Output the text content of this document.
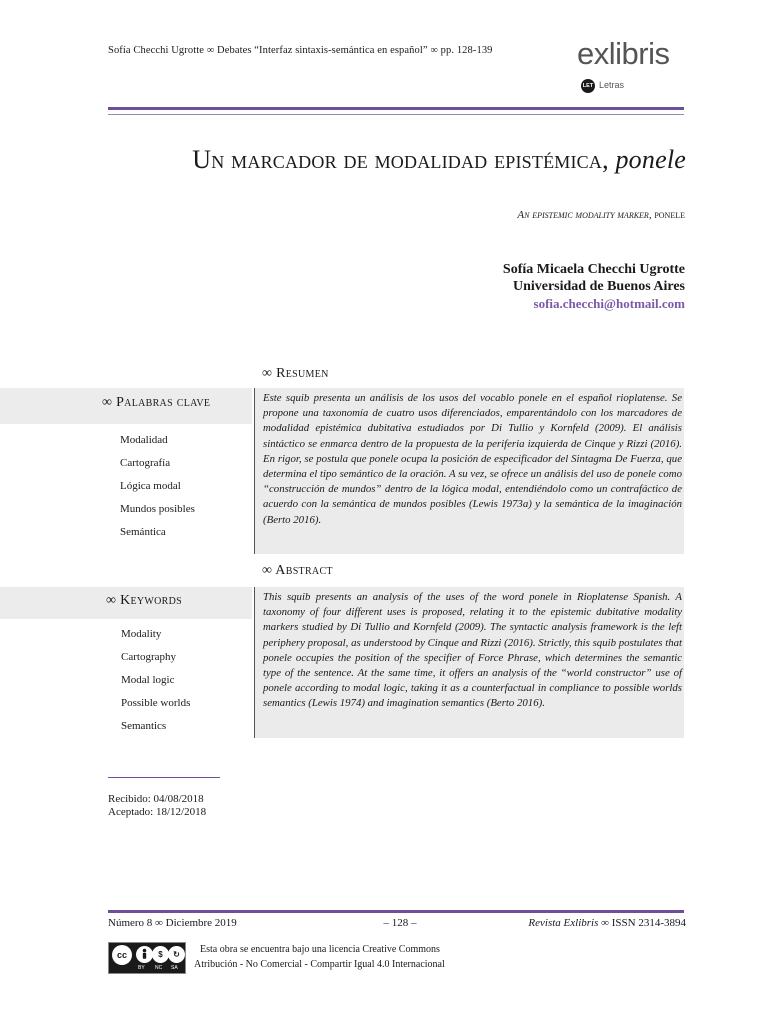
Sofía Checchi Ugrotte ∞ Debates “Interfaz sintaxis-semántica en español” ∞ pp. 128-139	exlibris
LET Letras
Un marcador de modalidad epistémica, ponele
An epistemic modality marker, ponele
Sofía Micaela Checchi Ugrotte
Universidad de Buenos Aires
sofia.checchi@hotmail.com
∞ Resumen
∞ Palabras clave
Modalidad
Cartografía
Lógica modal
Mundos posibles
Semántica
Este squib presenta un análisis de los usos del vocablo ponele en el español rioplatense. Se propone una taxonomía de cuatro usos diferenciados, emparentándolo con los marcadores de modalidad epistémica dubitativa estudiados por Di Tullio y Kornfeld (2009). El análisis sintáctico se enmarca dentro de la propuesta de la periferia izquierda de Cinque y Rizzi (2016). En rigor, se postula que ponele ocupa la posición de especificador del Sintagma De Fuerza, que determina el tipo semántico de la oración. A su vez, se ofrece un análisis del uso de ponele como “construcción de mundos” dentro de la lógica modal, entendiéndolo como un contrafáctico de acuerdo con la semántica de mundos posibles (Lewis 1973a) y la semántica de la imaginación (Berto 2016).
∞ Abstract
∞ Keywords
Modality
Cartography
Modal logic
Possible worlds
Semantics
This squib presents an analysis of the uses of the word ponele in Rioplatense Spanish. A taxonomy of four different uses is proposed, relating it to the epistemic dubitative modality markers studied by Di Tullio and Kornfeld (2009). The syntactic analysis framework is the left periphery proposal, as understood by Cinque and Rizzi (2016). Strictly, this squib postulates that ponele occupies the position of the specifier of Force Phrase, which determines the semantic type of the sentence. At the same time, it offers an analysis of the “world constructor” use of ponele according to modal logic, taking it as a counterfactual in compliance to possible worlds semantics (Lewis 1974) and imagination semantics (Berto 2016).
Recibido: 04/08/2018
Aceptado: 18/12/2018
Número 8 ∞ Diciembre 2019	– 128 –	Revista Exlibris ∞ ISSN 2314-3894
cc	$	↻
BY NC SA
Esta obra se encuentra bajo una licencia Creative Commons
Atribución - No Comercial - Compartir Igual 4.0 Internacional
